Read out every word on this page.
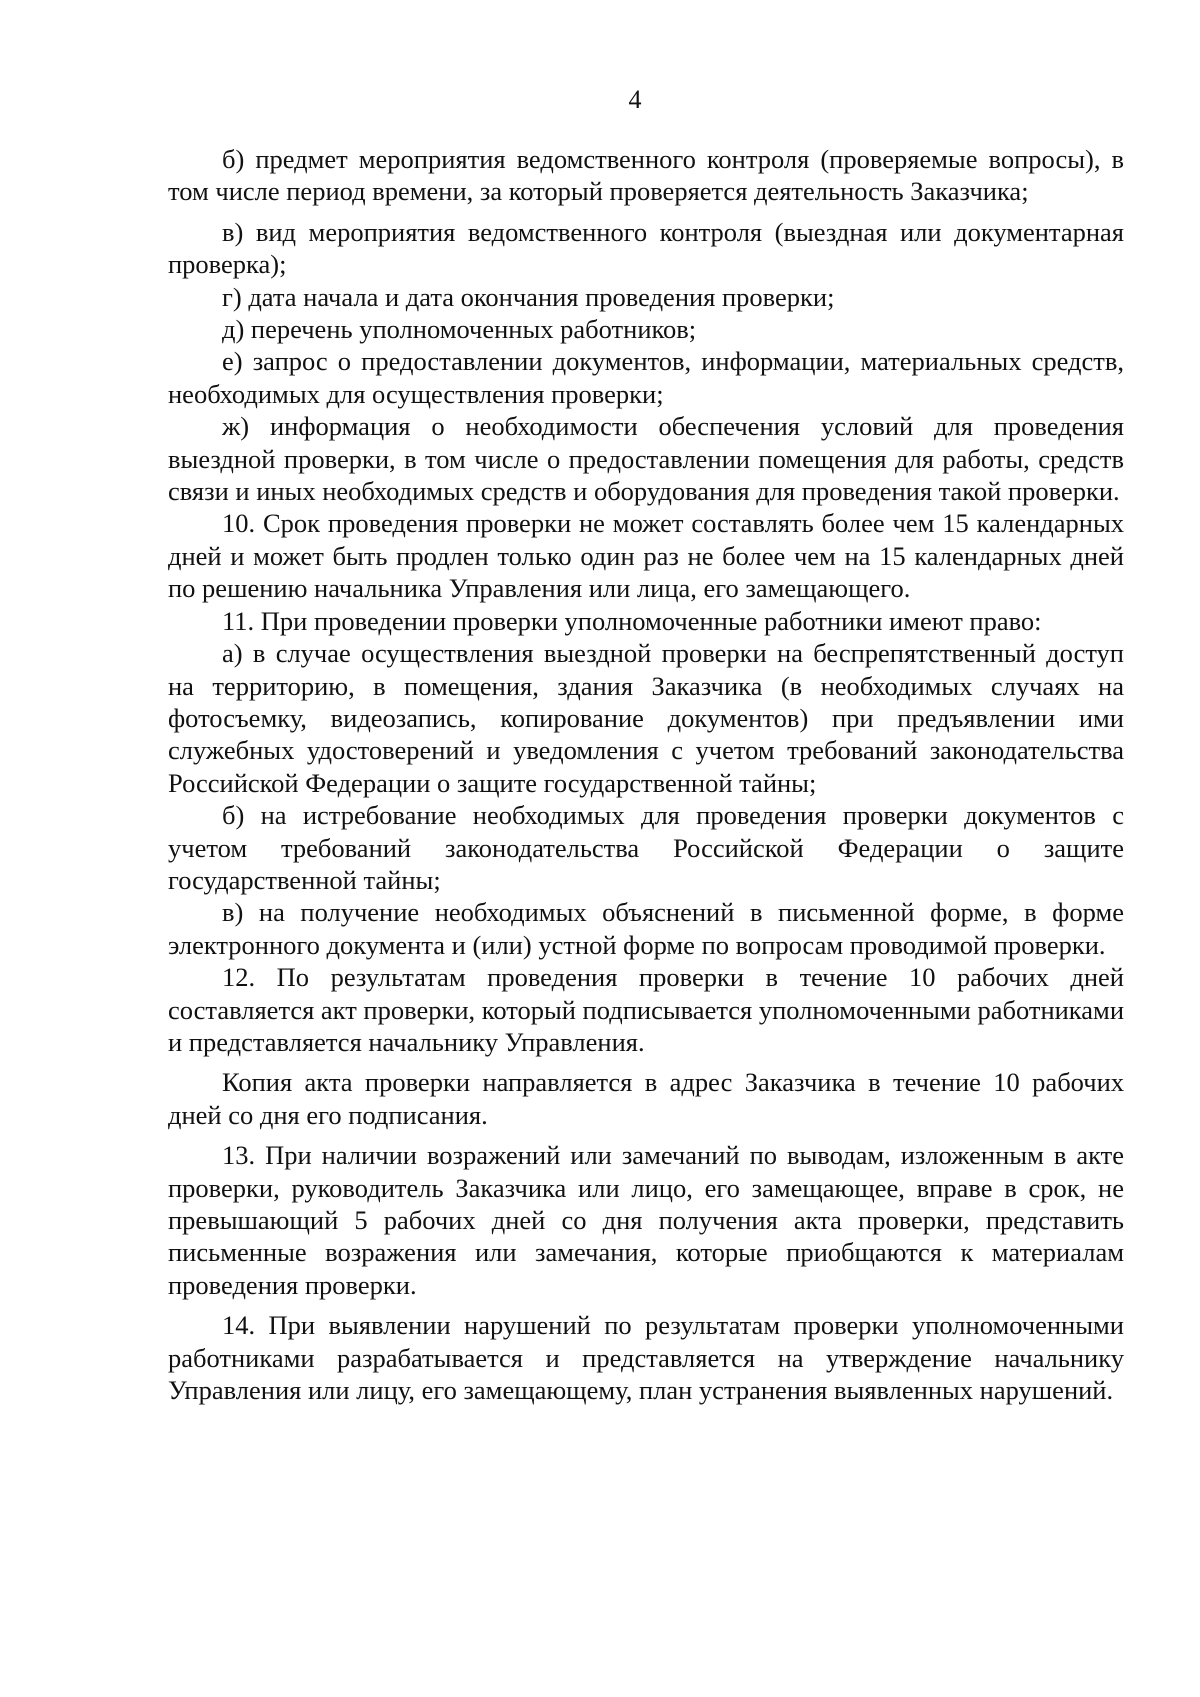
4

б) предмет мероприятия ведомственного контроля (проверяемые вопросы), в том числе период времени, за который проверяется деятельность Заказчика;

в) вид мероприятия ведомственного контроля (выездная или документарная проверка);

г) дата начала и дата окончания проведения проверки;

д) перечень уполномоченных работников;

е) запрос о предоставлении документов, информации, материальных средств, необходимых для осуществления проверки;

ж) информация о необходимости обеспечения условий для проведения выездной проверки, в том числе о предоставлении помещения для работы, средств связи и иных необходимых средств и оборудования для проведения такой проверки.

10. Срок проведения проверки не может составлять более чем 15 календарных дней и может быть продлен только один раз не более чем на 15 календарных дней по решению начальника Управления или лица, его замещающего.

11. При проведении проверки уполномоченные работники имеют право:

а) в случае осуществления выездной проверки на беспрепятственный доступ на территорию, в помещения, здания Заказчика (в необходимых случаях на фотосъемку, видеозапись, копирование документов) при предъявлении ими служебных удостоверений и уведомления с учетом требований законодательства Российской Федерации о защите государственной тайны;

б) на истребование необходимых для проведения проверки документов с учетом требований законодательства Российской Федерации о защите государственной тайны;

в) на получение необходимых объяснений в письменной форме, в форме электронного документа и (или) устной форме по вопросам проводимой проверки.

12. По результатам проведения проверки в течение 10 рабочих дней составляется акт проверки, который подписывается уполномоченными работниками и представляется начальнику Управления.

Копия акта проверки направляется в адрес Заказчика в течение 10 рабочих дней со дня его подписания.

13. При наличии возражений или замечаний по выводам, изложенным в акте проверки, руководитель Заказчика или лицо, его замещающее, вправе в срок, не превышающий 5 рабочих дней со дня получения акта проверки, представить письменные возражения или замечания, которые приобщаются к материалам проведения проверки.

14. При выявлении нарушений по результатам проверки уполномоченными работниками разрабатывается и представляется на утверждение начальнику Управления или лицу, его замещающему, план устранения выявленных нарушений.
